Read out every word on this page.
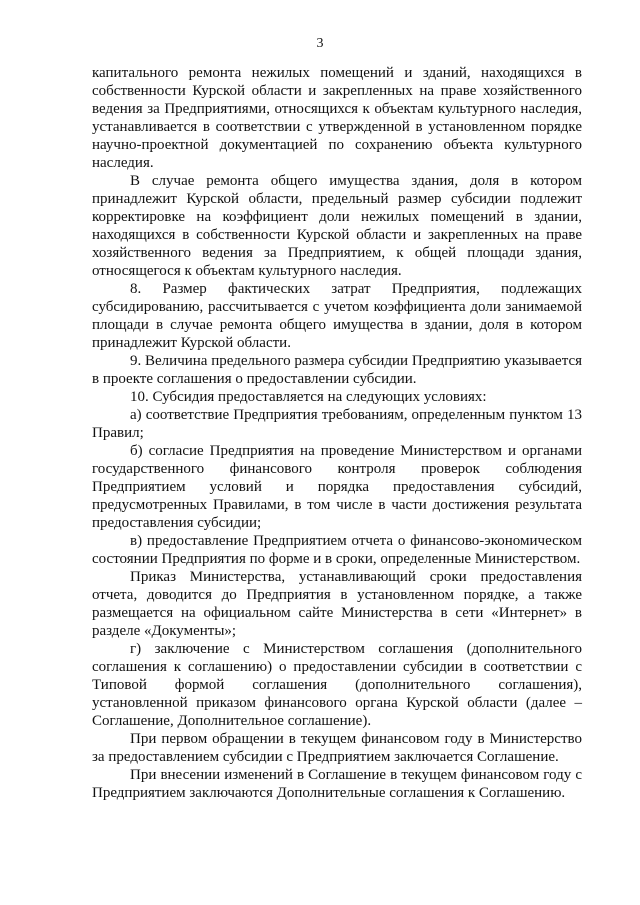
3

капитального ремонта нежилых помещений и зданий, находящихся в собственности Курской области и закрепленных на праве хозяйственного ведения за Предприятиями, относящихся к объектам культурного наследия, устанавливается в соответствии с утвержденной в установленном порядке научно-проектной документацией по сохранению объекта культурного наследия.

В случае ремонта общего имущества здания, доля в котором принадлежит Курской области, предельный размер субсидии подлежит корректировке на коэффициент доли нежилых помещений в здании, находящихся в собственности Курской области и закрепленных на праве хозяйственного ведения за Предприятием, к общей площади здания, относящегося к объектам культурного наследия.

8. Размер фактических затрат Предприятия, подлежащих субсидированию, рассчитывается с учетом коэффициента доли занимаемой площади в случае ремонта общего имущества в здании, доля в котором принадлежит Курской области.

9. Величина предельного размера субсидии Предприятию указывается в проекте соглашения о предоставлении субсидии.

10. Субсидия предоставляется на следующих условиях:

а) соответствие Предприятия требованиям, определенным пунктом 13 Правил;

б) согласие Предприятия на проведение Министерством и органами государственного финансового контроля проверок соблюдения Предприятием условий и порядка предоставления субсидий, предусмотренных Правилами, в том числе в части достижения результата предоставления субсидии;

в) предоставление Предприятием отчета о финансово-экономическом состоянии Предприятия по форме и в сроки, определенные Министерством.

Приказ Министерства, устанавливающий сроки предоставления отчета, доводится до Предприятия в установленном порядке, а также размещается на официальном сайте Министерства в сети «Интернет» в разделе «Документы»;

г) заключение с Министерством соглашения (дополнительного соглашения к соглашению) о предоставлении субсидии в соответствии с Типовой формой соглашения (дополнительного соглашения), установленной приказом финансового органа Курской области (далее – Соглашение, Дополнительное соглашение).

При первом обращении в текущем финансовом году в Министерство за предоставлением субсидии с Предприятием заключается Соглашение.

При внесении изменений в Соглашение в текущем финансовом году с Предприятием заключаются Дополнительные соглашения к Соглашению.
